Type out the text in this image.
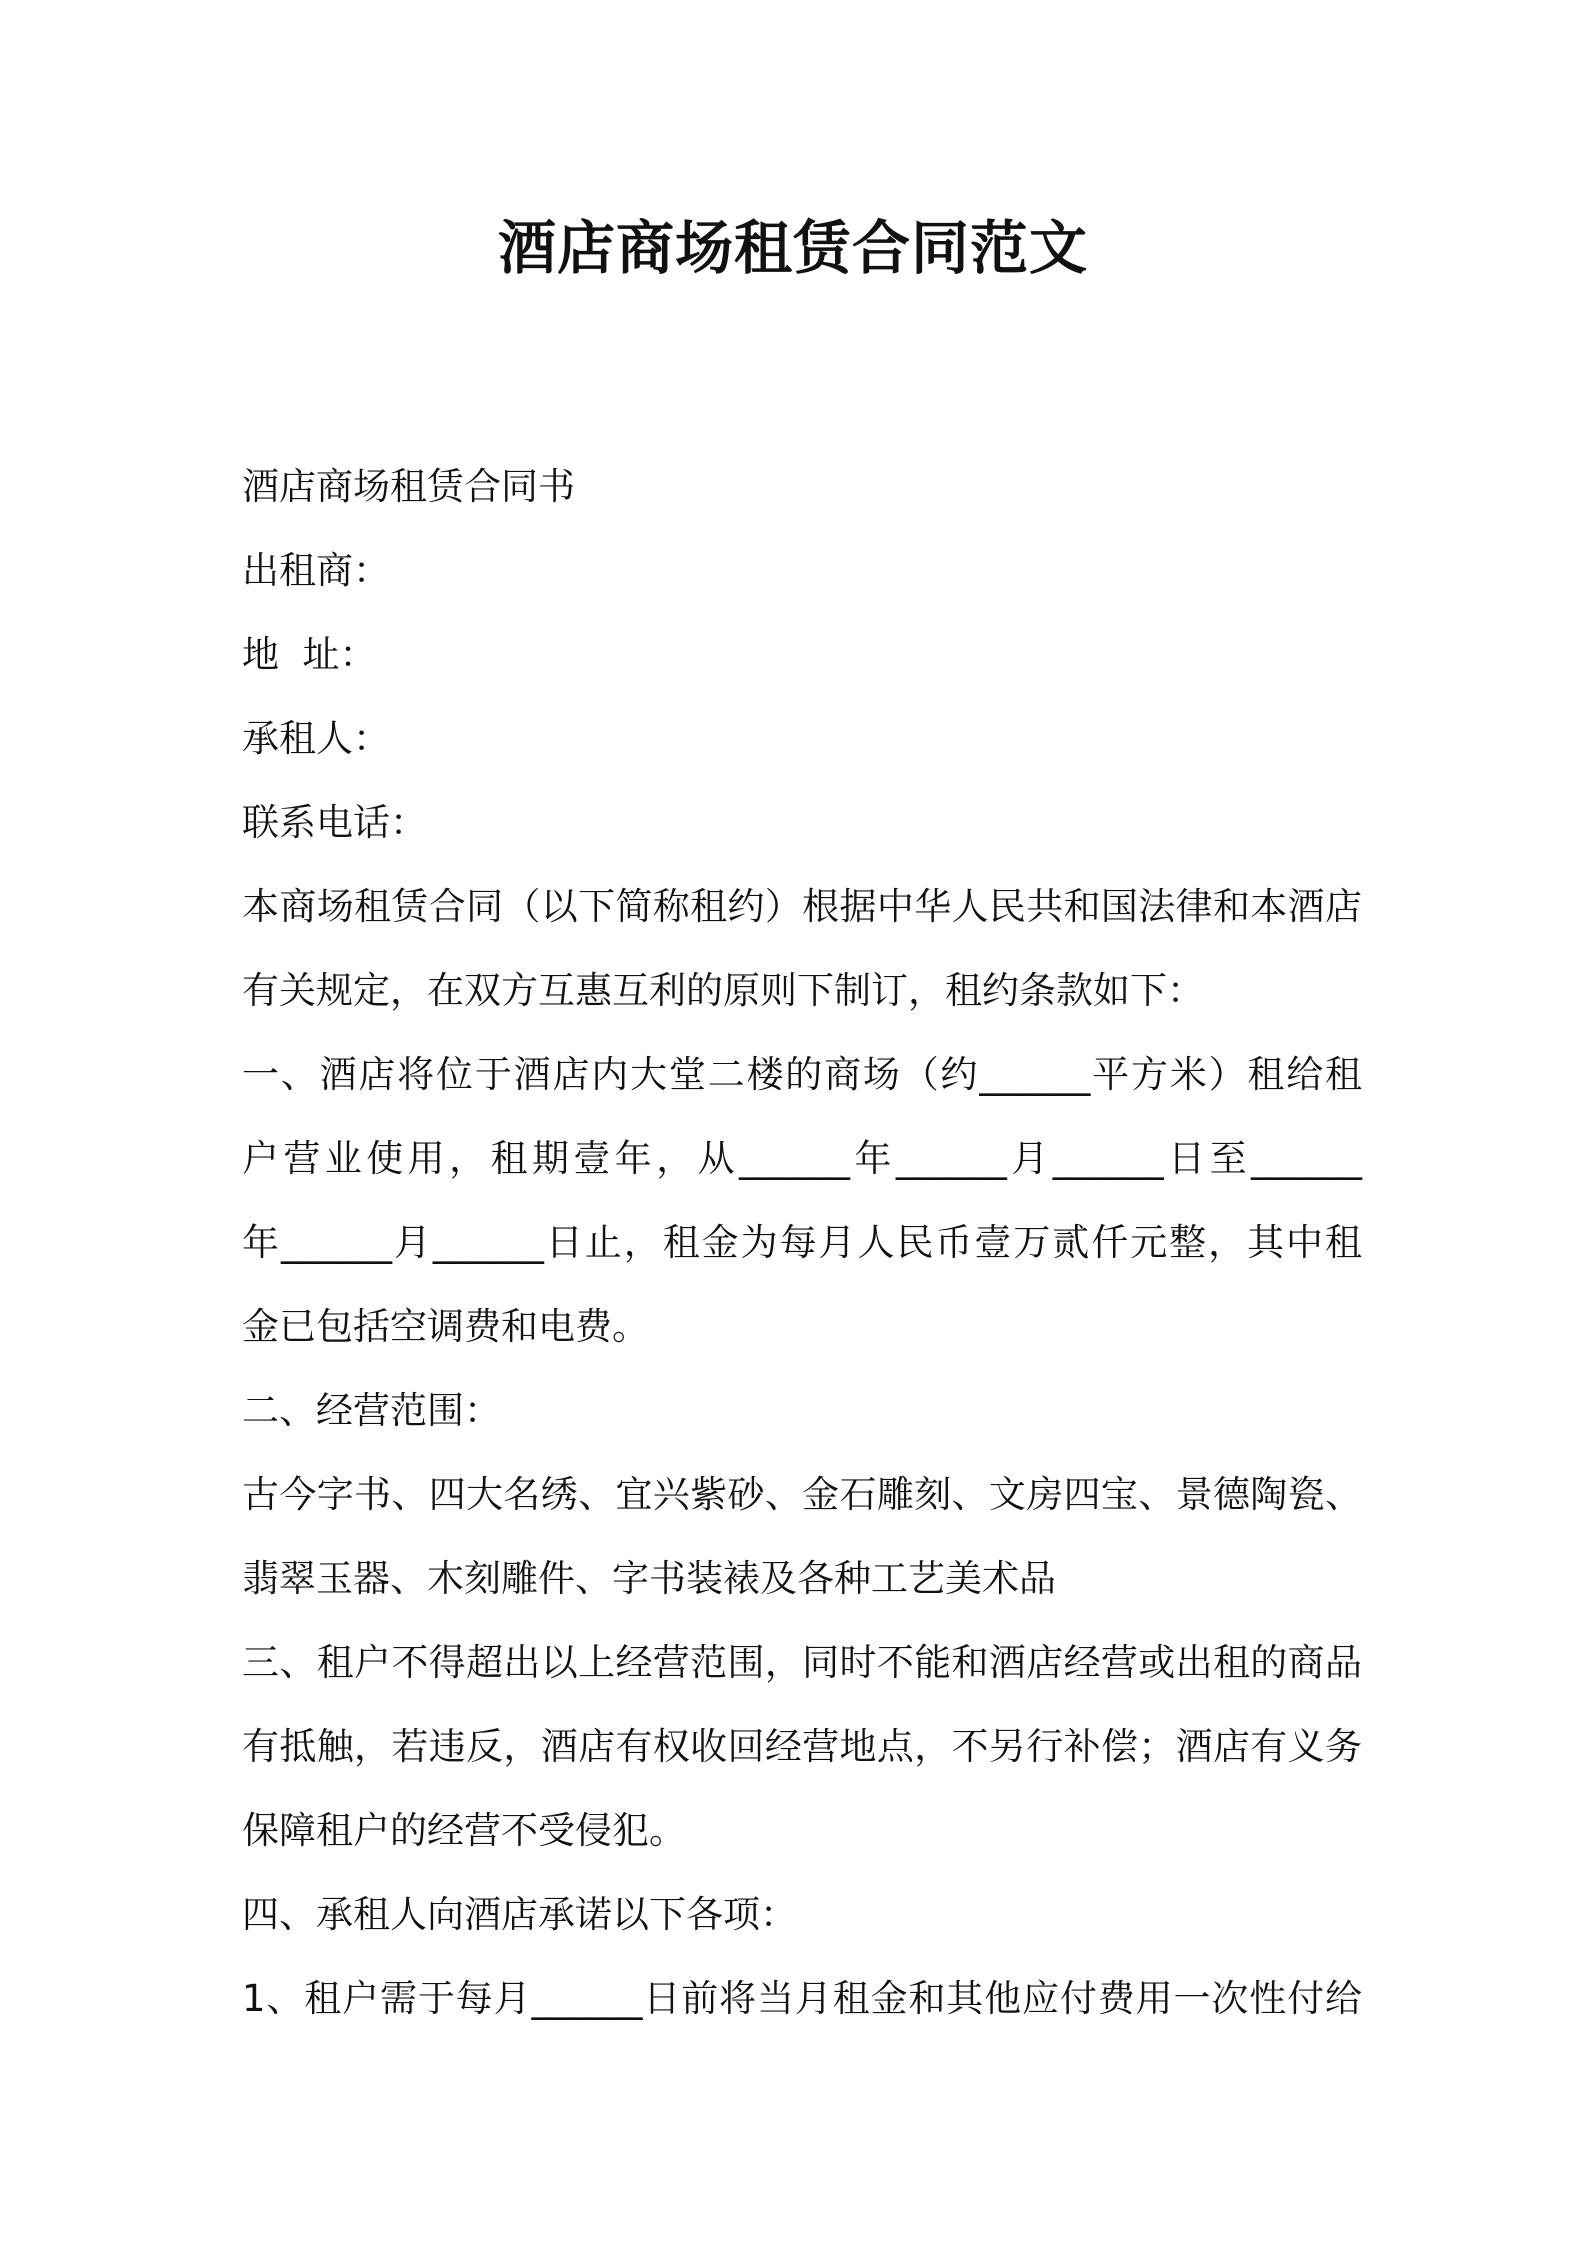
酒店商场租赁合同范文

酒店商场租赁合同书

出租商：

地  址：

承租人：

联系电话：

本商场租赁合同（以下简称租约）根据中华人民共和国法律和本酒店

有关规定，在双方互惠互利的原则下制订，租约条款如下：

一、酒店将位于酒店内大堂二楼的商场（约______平方米）租给租

户营业使用，租期壹年，从______年______月______日至______

年______月______日止，租金为每月人民币壹万贰仟元整，其中租

金已包括空调费和电费。

二、经营范围：

古今字书、四大名绣、宜兴紫砂、金石雕刻、文房四宝、景德陶瓷、

翡翠玉器、木刻雕件、字书装裱及各种工艺美术品

三、租户不得超出以上经营范围，同时不能和酒店经营或出租的商品

有抵触，若违反，酒店有权收回经营地点，不另行补偿；酒店有义务

保障租户的经营不受侵犯。

四、承租人向酒店承诺以下各项：

1、租户需于每月______日前将当月租金和其他应付费用一次性付给
